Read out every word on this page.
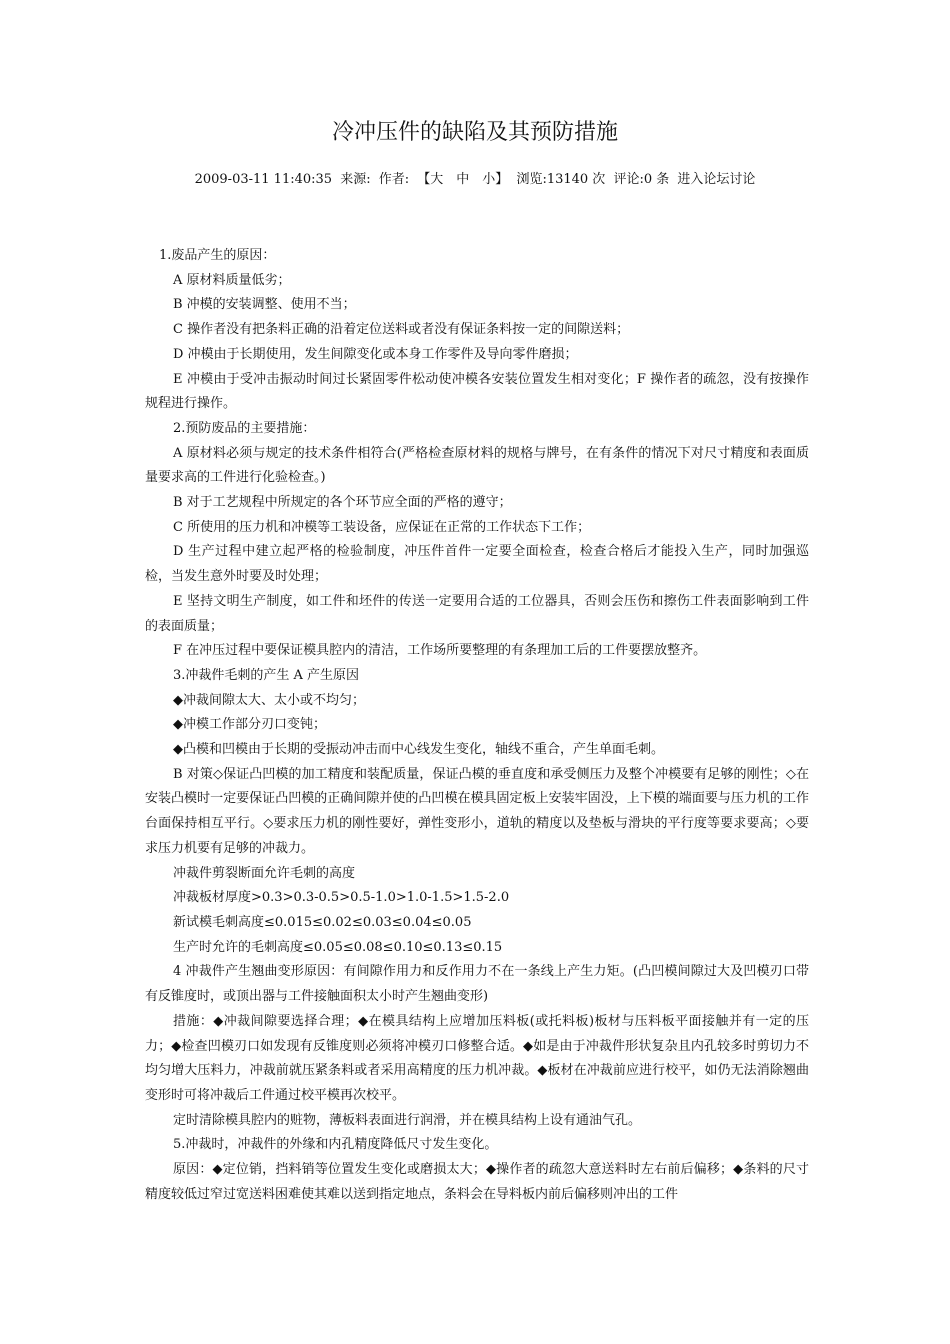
冷冲压件的缺陷及其预防措施
2009-03-11 11:40:35 来源: 作者: 【大　中　小】 浏览:13140 次 评论:0 条 进入论坛讨论

1.废品产生的原因：

A 原材料质量低劣；

B 冲模的安装调整、使用不当；

C 操作者没有把条料正确的沿着定位送料或者没有保证条料按一定的间隙送料；

D 冲模由于长期使用，发生间隙变化或本身工作零件及导向零件磨损；

E 冲模由于受冲击振动时间过长紧固零件松动使冲模各安装位置发生相对变化；F 操作者的疏忽，没有按操作规程进行操作。

2.预防废品的主要措施：

A 原材料必须与规定的技术条件相符合(严格检查原材料的规格与牌号，在有条件的情况下对尺寸精度和表面质量要求高的工件进行化验检查。)

B 对于工艺规程中所规定的各个环节应全面的严格的遵守；

C 所使用的压力机和冲模等工装设备，应保证在正常的工作状态下工作；

D 生产过程中建立起严格的检验制度，冲压件首件一定要全面检查，检查合格后才能投入生产，同时加强巡检，当发生意外时要及时处理；

E 坚持文明生产制度，如工件和坯件的传送一定要用合适的工位器具，否则会压伤和擦伤工件表面影响到工件的表面质量；

F 在冲压过程中要保证模具腔内的清洁，工作场所要整理的有条理加工后的工件要摆放整齐。

3.冲裁件毛刺的产生 A 产生原因

◆冲裁间隙太大、太小或不均匀；

◆冲模工作部分刃口变钝；

◆凸模和凹模由于长期的受振动冲击而中心线发生变化，轴线不重合，产生单面毛刺。

B 对策◇保证凸凹模的加工精度和装配质量，保证凸模的垂直度和承受侧压力及整个冲模要有足够的刚性；◇在安装凸模时一定要保证凸凹模的正确间隙并使的凸凹模在模具固定板上安装牢固没，上下模的端面要与压力机的工作台面保持相互平行。◇要求压力机的刚性要好，弹性变形小，道轨的精度以及垫板与滑块的平行度等要求要高；◇要求压力机要有足够的冲裁力。

冲裁件剪裂断面允许毛刺的高度

冲裁板材厚度>0.3>0.3-0.5>0.5-1.0>1.0-1.5>1.5-2.0

新试模毛刺高度≤0.015≤0.02≤0.03≤0.04≤0.05

生产时允许的毛刺高度≤0.05≤0.08≤0.10≤0.13≤0.15

4 冲裁件产生翘曲变形原因：有间隙作用力和反作用力不在一条线上产生力矩。(凸凹模间隙过大及凹模刃口带有反锥度时，或顶出器与工件接触面积太小时产生翘曲变形)

措施：◆冲裁间隙要选择合理；◆在模具结构上应增加压料板(或托料板)板材与压料板平面接触并有一定的压力；◆检查凹模刃口如发现有反锥度则必须将冲模刃口修整合适。◆如是由于冲裁件形状复杂且内孔较多时剪切力不均匀增大压料力，冲裁前就压紧条料或者采用高精度的压力机冲裁。◆板材在冲裁前应进行校平，如仍无法消除翘曲变形时可将冲裁后工件通过校平模再次校平。

定时清除模具腔内的赃物，薄板料表面进行润滑，并在模具结构上设有通油气孔。

5.冲裁时，冲裁件的外缘和内孔精度降低尺寸发生变化。

原因：◆定位销，挡料销等位置发生变化或磨损太大；◆操作者的疏忽大意送料时左右前后偏移；◆条料的尺寸精度较低过窄过宽送料困难使其难以送到指定地点，条料会在导料板内前后偏移则冲出的工件
